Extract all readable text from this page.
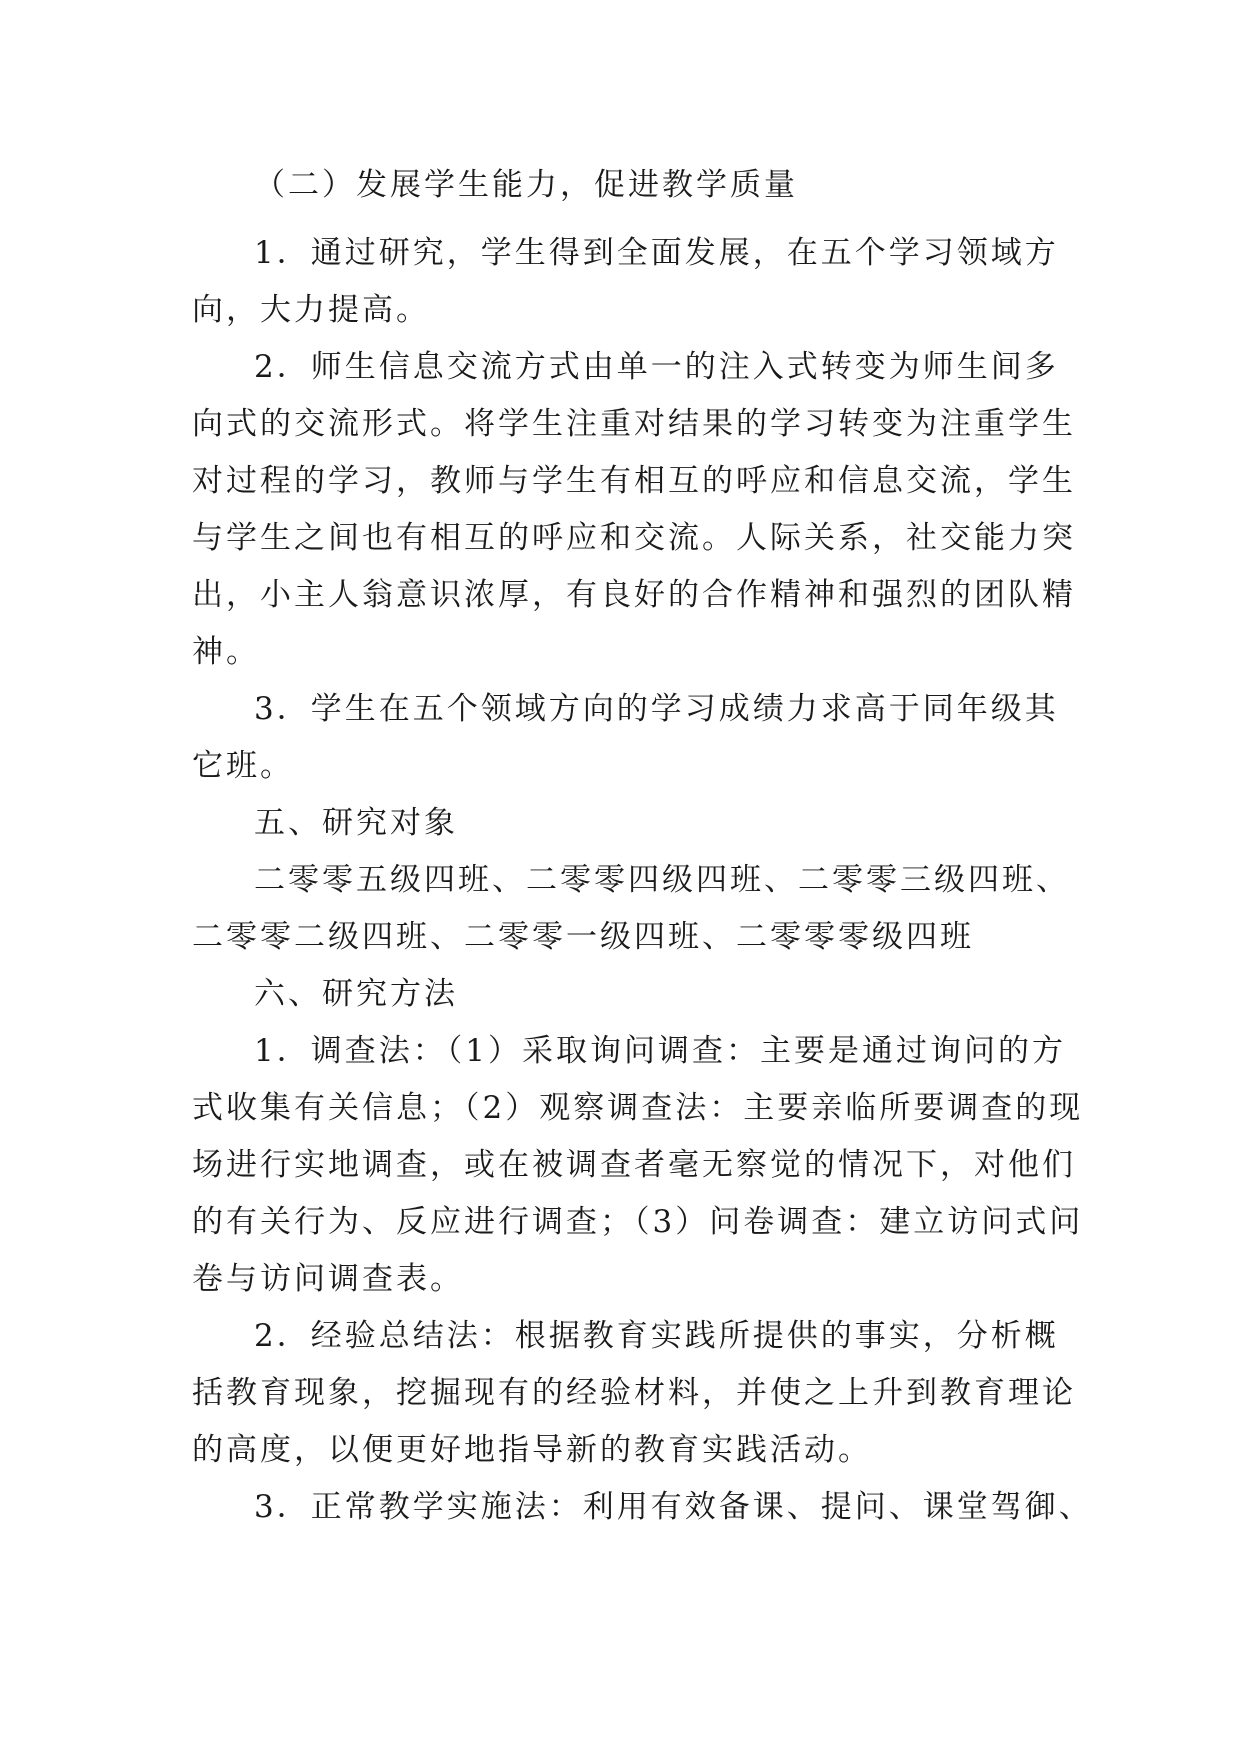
（二）发展学生能力，促进教学质量
1．通过研究，学生得到全面发展，在五个学习领域方
向，大力提高。
2．师生信息交流方式由单一的注入式转变为师生间多
向式的交流形式。将学生注重对结果的学习转变为注重学生
对过程的学习，教师与学生有相互的呼应和信息交流，学生
与学生之间也有相互的呼应和交流。人际关系，社交能力突
出，小主人翁意识浓厚，有良好的合作精神和强烈的团队精
神。
3．学生在五个领域方向的学习成绩力求高于同年级其
它班。
五、研究对象
二零零五级四班、二零零四级四班、二零零三级四班、
二零零二级四班、二零零一级四班、二零零零级四班
六、研究方法
1．调查法：（1）采取询问调查：主要是通过询问的方
式收集有关信息；（2）观察调查法：主要亲临所要调查的现
场进行实地调查，或在被调查者毫无察觉的情况下，对他们
的有关行为、反应进行调查；（3）问卷调查：建立访问式问
卷与访问调查表。
2．经验总结法：根据教育实践所提供的事实，分析概
括教育现象，挖掘现有的经验材料，并使之上升到教育理论
的高度，以便更好地指导新的教育实践活动。
3．正常教学实施法：利用有效备课、提问、课堂驾御、
